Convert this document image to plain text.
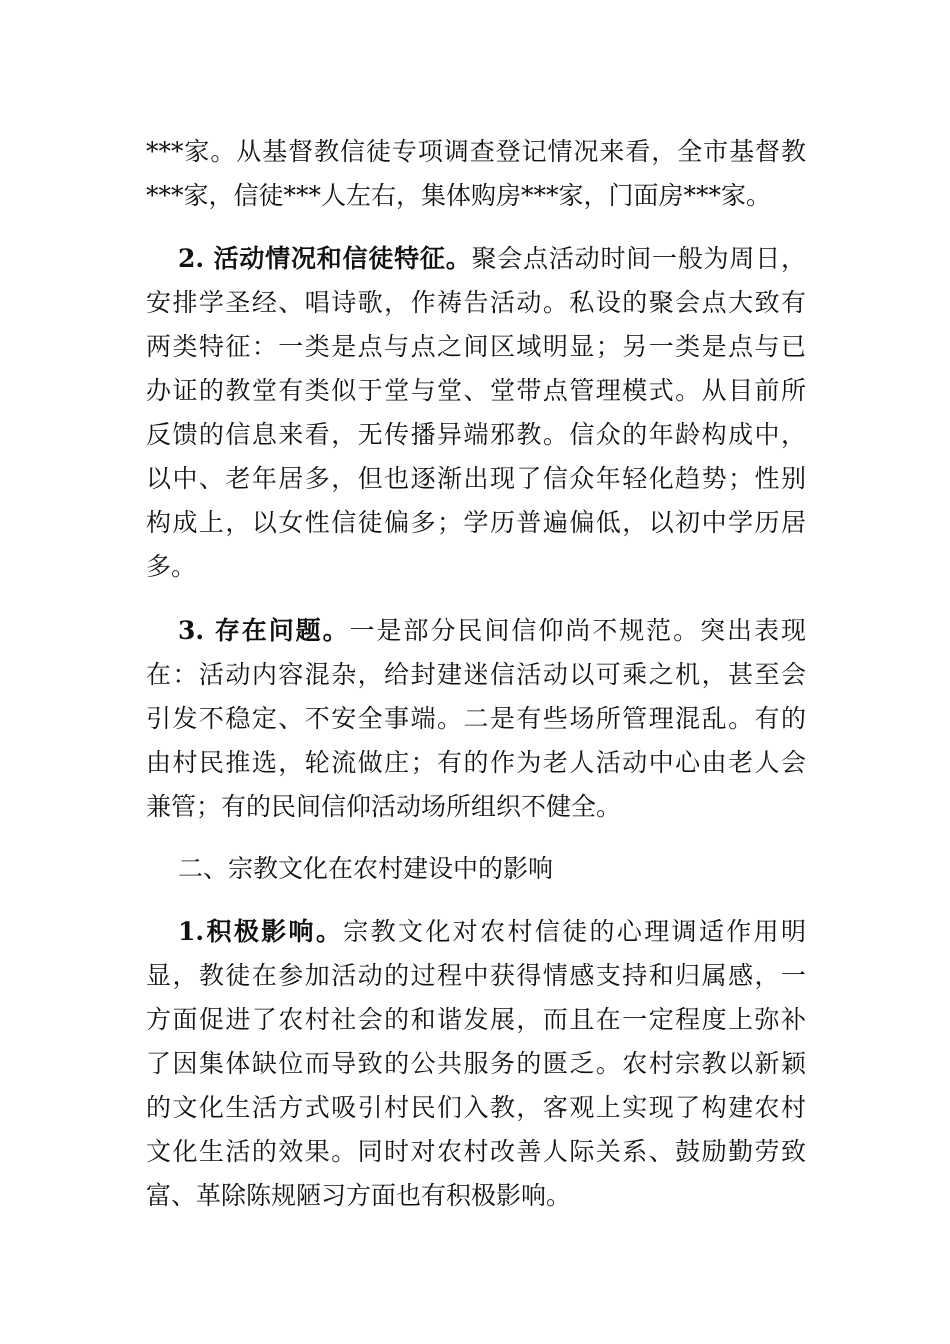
***家。从基督教信徒专项调查登记情况来看，全市基督教
***家，信徒***人左右，集体购房***家，门面房***家。
2. 活动情况和信徒特征。聚会点活动时间一般为周日，
安排学圣经、唱诗歌，作祷告活动。私设的聚会点大致有
两类特征：一类是点与点之间区域明显；另一类是点与已
办证的教堂有类似于堂与堂、堂带点管理模式。从目前所
反馈的信息来看，无传播异端邪教。信众的年龄构成中，
以中、老年居多，但也逐渐出现了信众年轻化趋势；性别
构成上，以女性信徒偏多；学历普遍偏低，以初中学历居
多。
3. 存在问题。一是部分民间信仰尚不规范。突出表现
在：活动内容混杂，给封建迷信活动以可乘之机，甚至会
引发不稳定、不安全事端。二是有些场所管理混乱。有的
由村民推选，轮流做庄；有的作为老人活动中心由老人会
兼管；有的民间信仰活动场所组织不健全。
二、宗教文化在农村建设中的影响
1.积极影响。宗教文化对农村信徒的心理调适作用明
显，教徒在参加活动的过程中获得情感支持和归属感，一
方面促进了农村社会的和谐发展，而且在一定程度上弥补
了因集体缺位而导致的公共服务的匮乏。农村宗教以新颖
的文化生活方式吸引村民们入教，客观上实现了构建农村
文化生活的效果。同时对农村改善人际关系、鼓励勤劳致
富、革除陈规陋习方面也有积极影响。
